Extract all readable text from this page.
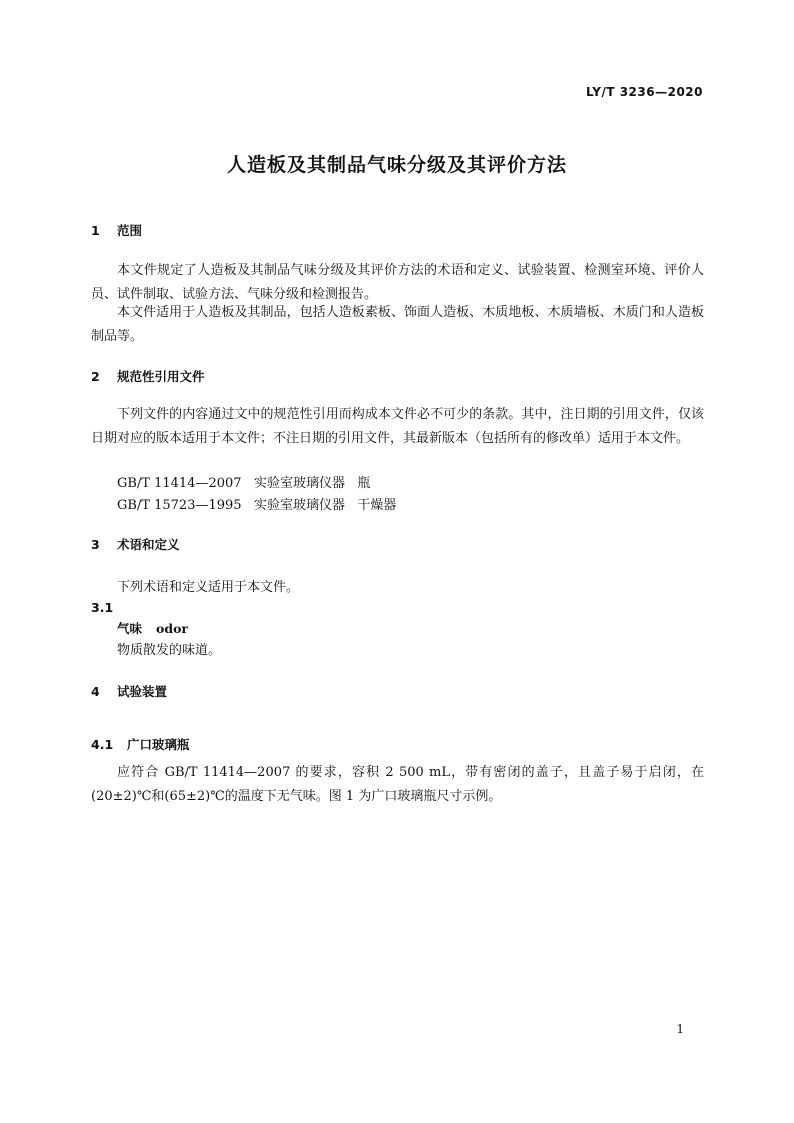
LY/T 3236—2020
人造板及其制品气味分级及其评价方法
1 范围

本文件规定了人造板及其制品气味分级及其评价方法的术语和定义、试验装置、检测室环境、评价人员、试件制取、试验方法、气味分级和检测报告。

本文件适用于人造板及其制品，包括人造板素板、饰面人造板、木质地板、木质墙板、木质门和人造板制品等。

2 规范性引用文件

下列文件的内容通过文中的规范性引用而构成本文件必不可少的条款。其中，注日期的引用文件，仅该日期对应的版本适用于本文件；不注日期的引用文件，其最新版本（包括所有的修改单）适用于本文件。

GB/T 11414—2007   实验室玻璃仪器   瓶
GB/T 15723—1995   实验室玻璃仪器   干燥器
3 术语和定义
下列术语和定义适用于本文件。
3.1
气味 odor
物质散发的味道。
4 试验装置
4.1 广口玻璃瓶

应符合 GB/T 11414—2007 的要求，容积 2 500 mL，带有密闭的盖子，且盖子易于启闭，在(20±2)℃和(65±2)℃的温度下无气味。图 1 为广口玻璃瓶尺寸示例。

1
